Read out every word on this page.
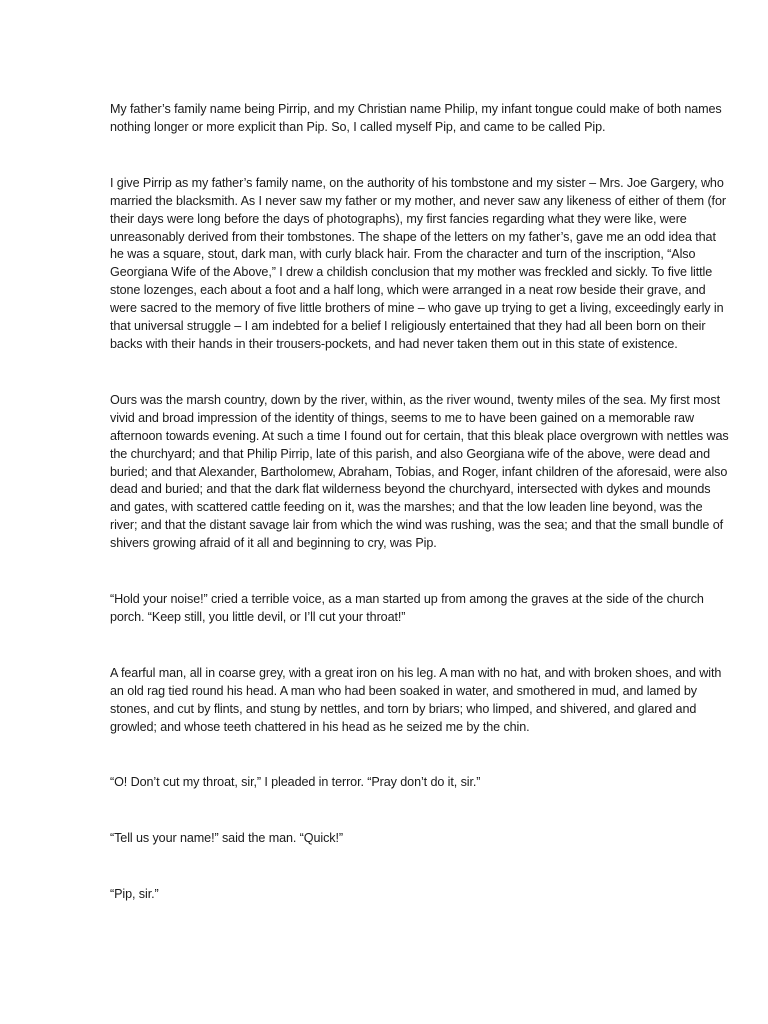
My father’s family name being Pirrip, and my Christian name Philip, my infant tongue could make of both names nothing longer or more explicit than Pip. So, I called myself Pip, and came to be called Pip.

I give Pirrip as my father’s family name, on the authority of his tombstone and my sister – Mrs. Joe Gargery, who married the blacksmith. As I never saw my father or my mother, and never saw any likeness of either of them (for their days were long before the days of photographs), my first fancies regarding what they were like, were unreasonably derived from their tombstones. The shape of the letters on my father’s, gave me an odd idea that he was a square, stout, dark man, with curly black hair. From the character and turn of the inscription, “Also Georgiana Wife of the Above,” I drew a childish conclusion that my mother was freckled and sickly. To five little stone lozenges, each about a foot and a half long, which were arranged in a neat row beside their grave, and were sacred to the memory of five little brothers of mine – who gave up trying to get a living, exceedingly early in that universal struggle – I am indebted for a belief I religiously entertained that they had all been born on their backs with their hands in their trousers-pockets, and had never taken them out in this state of existence.

Ours was the marsh country, down by the river, within, as the river wound, twenty miles of the sea. My first most vivid and broad impression of the identity of things, seems to me to have been gained on a memorable raw afternoon towards evening. At such a time I found out for certain, that this bleak place overgrown with nettles was the churchyard; and that Philip Pirrip, late of this parish, and also Georgiana wife of the above, were dead and buried; and that Alexander, Bartholomew, Abraham, Tobias, and Roger, infant children of the aforesaid, were also dead and buried; and that the dark flat wilderness beyond the churchyard, intersected with dykes and mounds and gates, with scattered cattle feeding on it, was the marshes; and that the low leaden line beyond, was the river; and that the distant savage lair from which the wind was rushing, was the sea; and that the small bundle of shivers growing afraid of it all and beginning to cry, was Pip.

“Hold your noise!” cried a terrible voice, as a man started up from among the graves at the side of the church porch. “Keep still, you little devil, or I’ll cut your throat!”

A fearful man, all in coarse grey, with a great iron on his leg. A man with no hat, and with broken shoes, and with an old rag tied round his head. A man who had been soaked in water, and smothered in mud, and lamed by stones, and cut by flints, and stung by nettles, and torn by briars; who limped, and shivered, and glared and growled; and whose teeth chattered in his head as he seized me by the chin.

“O! Don’t cut my throat, sir,” I pleaded in terror. “Pray don’t do it, sir.”

“Tell us your name!” said the man. “Quick!”

“Pip, sir.”
